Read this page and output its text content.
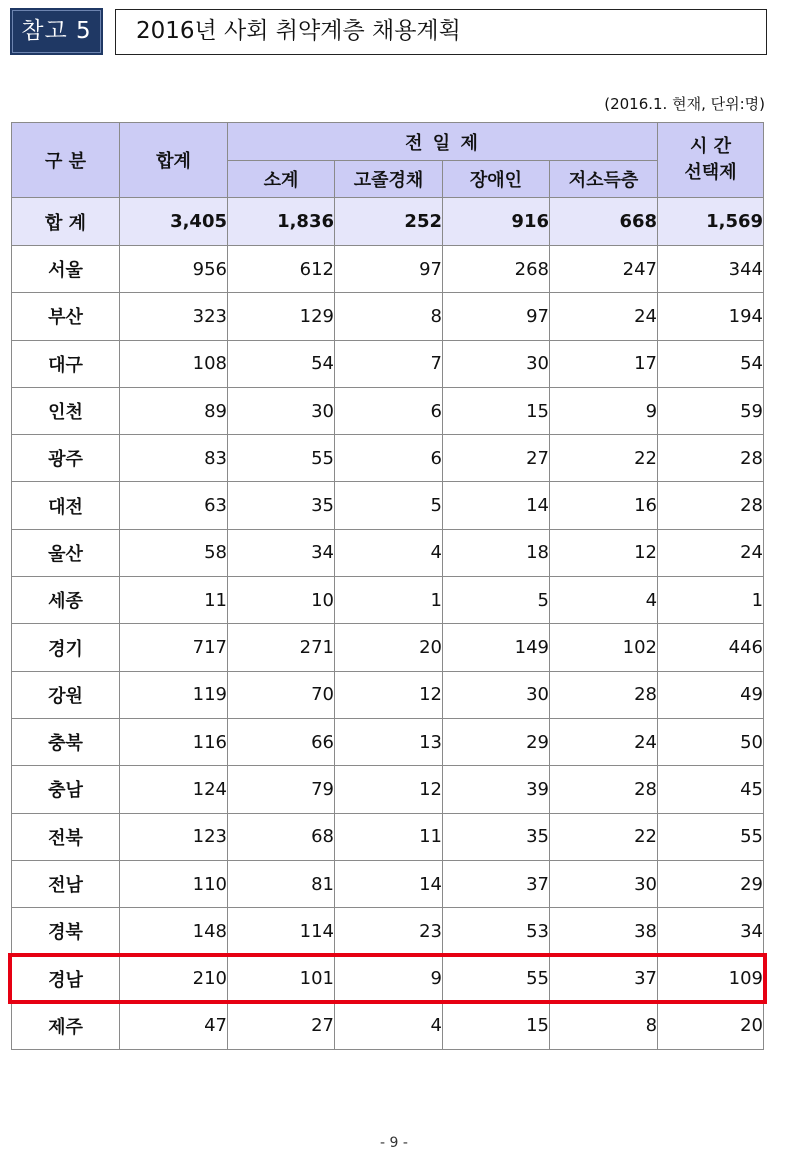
참고 5	2016년 사회 취약계층 채용계획
(2016.1. 현재, 단위:명)
구 분	합계	전 일 제				시 간
선택제

		소계	고졸경채	장애인	저소득층	
합 계	3,405	1,836	252	916	668	1,569
서울	956	612	97	268	247	344
부산	323	129	8	97	24	194
대구	108	54	7	30	17	54
인천	89	30	6	15	9	59
광주	83	55	6	27	22	28
대전	63	35	5	14	16	28
울산	58	34	4	18	12	24
세종	11	10	1	5	4	1
경기	717	271	20	149	102	446
강원	119	70	12	30	28	49
충북	116	66	13	29	24	50
충남	124	79	12	39	28	45
전북	123	68	11	35	22	55
전남	110	81	14	37	30	29
경북	148	114	23	53	38	34
경남	210	101	9	55	37	109
제주	47	27	4	15	8	20
- 9 -
